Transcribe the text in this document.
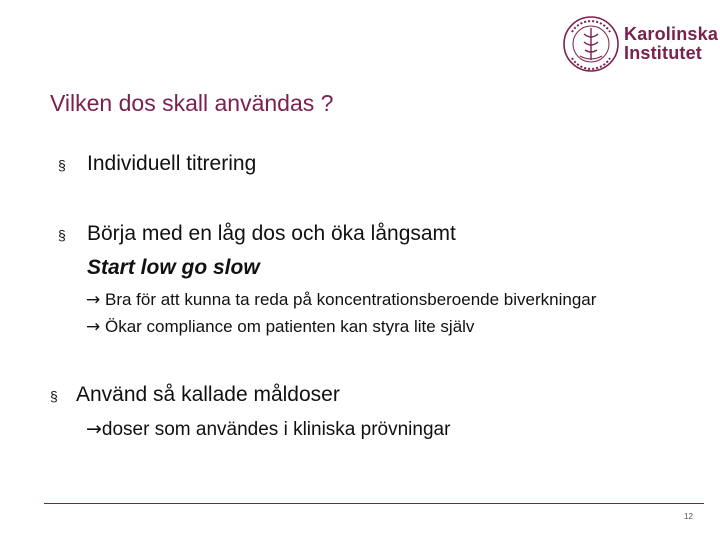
Karolinska
Institutet
Vilken dos skall användas ?
§ Individuell titrering
§ Börja med en låg dos och öka långsamt
Start low go slow
→ Bra för att kunna ta reda på koncentrationsberoende biverkningar
→ Ökar compliance om patienten kan styra lite själv
§ Använd så kallade måldoser
→doser som användes i kliniska prövningar
12
